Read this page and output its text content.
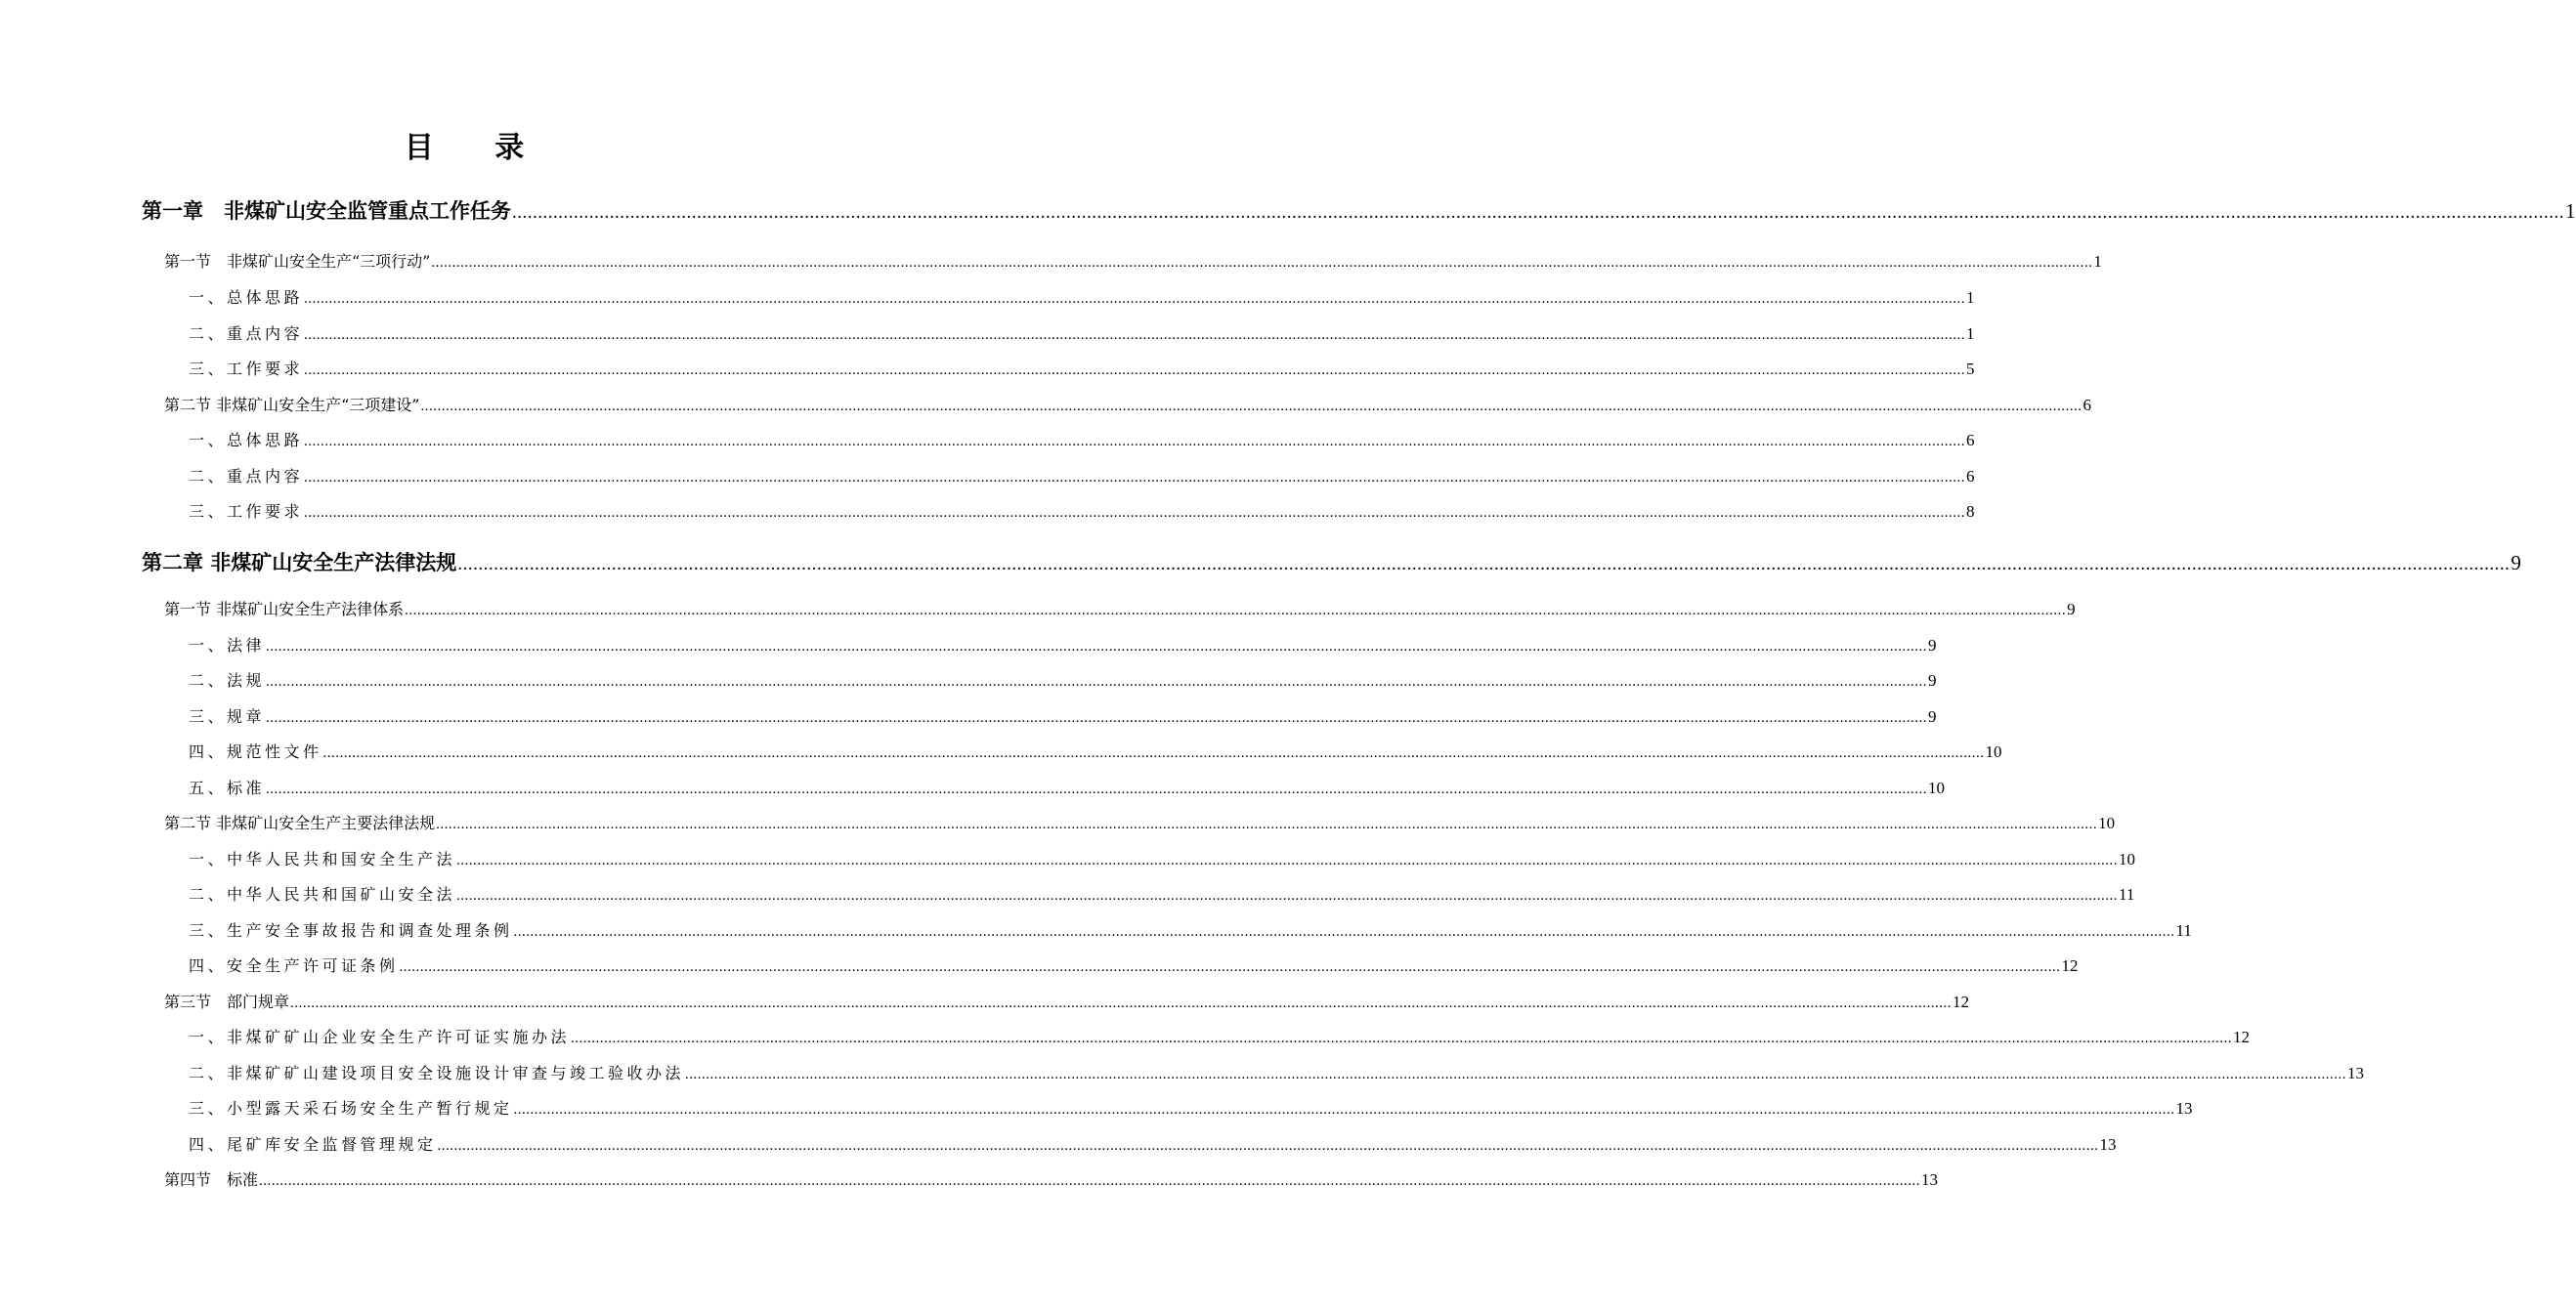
目 录
第一章　非煤矿山安全监管重点工作任务 ................................................................................................................................................................................................................................................................................................................................................................................................................ 1
第一节　非煤矿山安全生产“三项行动” ................................................................................................................................................................................................................................................................................................................................................................................................................ 1
一、总体思路 ................................................................................................................................................................................................................................................................................................................................................................................................................ 1
二、重点内容 ................................................................................................................................................................................................................................................................................................................................................................................................................ 1
三、工作要求 ................................................................................................................................................................................................................................................................................................................................................................................................................ 5
第二节 非煤矿山安全生产“三项建设” ................................................................................................................................................................................................................................................................................................................................................................................................................ 6
一、总体思路 ................................................................................................................................................................................................................................................................................................................................................................................................................ 6
二、重点内容 ................................................................................................................................................................................................................................................................................................................................................................................................................ 6
三、工作要求 ................................................................................................................................................................................................................................................................................................................................................................................................................ 8
第二章 非煤矿山安全生产法律法规 ................................................................................................................................................................................................................................................................................................................................................................................................................ 9
第一节 非煤矿山安全生产法律体系 ................................................................................................................................................................................................................................................................................................................................................................................................................ 9
一、法律 ................................................................................................................................................................................................................................................................................................................................................................................................................ 9
二、法规 ................................................................................................................................................................................................................................................................................................................................................................................................................ 9
三、规章 ................................................................................................................................................................................................................................................................................................................................................................................................................ 9
四、规范性文件 ................................................................................................................................................................................................................................................................................................................................................................................................................ 10
五、标准 ................................................................................................................................................................................................................................................................................................................................................................................................................ 10
第二节 非煤矿山安全生产主要法律法规 ................................................................................................................................................................................................................................................................................................................................................................................................................ 10
一、中华人民共和国安全生产法 ................................................................................................................................................................................................................................................................................................................................................................................................................ 10
二、中华人民共和国矿山安全法 ................................................................................................................................................................................................................................................................................................................................................................................................................ 11
三、生产安全事故报告和调查处理条例 ................................................................................................................................................................................................................................................................................................................................................................................................................ 11
四、安全生产许可证条例 ................................................................................................................................................................................................................................................................................................................................................................................................................ 12
第三节　部门规章 ................................................................................................................................................................................................................................................................................................................................................................................................................ 12
一、非煤矿矿山企业安全生产许可证实施办法 ................................................................................................................................................................................................................................................................................................................................................................................................................ 12
二、非煤矿矿山建设项目安全设施设计审查与竣工验收办法 ................................................................................................................................................................................................................................................................................................................................................................................................................ 13
三、小型露天采石场安全生产暂行规定 ................................................................................................................................................................................................................................................................................................................................................................................................................ 13
四、尾矿库安全监督管理规定 ................................................................................................................................................................................................................................................................................................................................................................................................................ 13
第四节　标准 ................................................................................................................................................................................................................................................................................................................................................................................................................ 13
